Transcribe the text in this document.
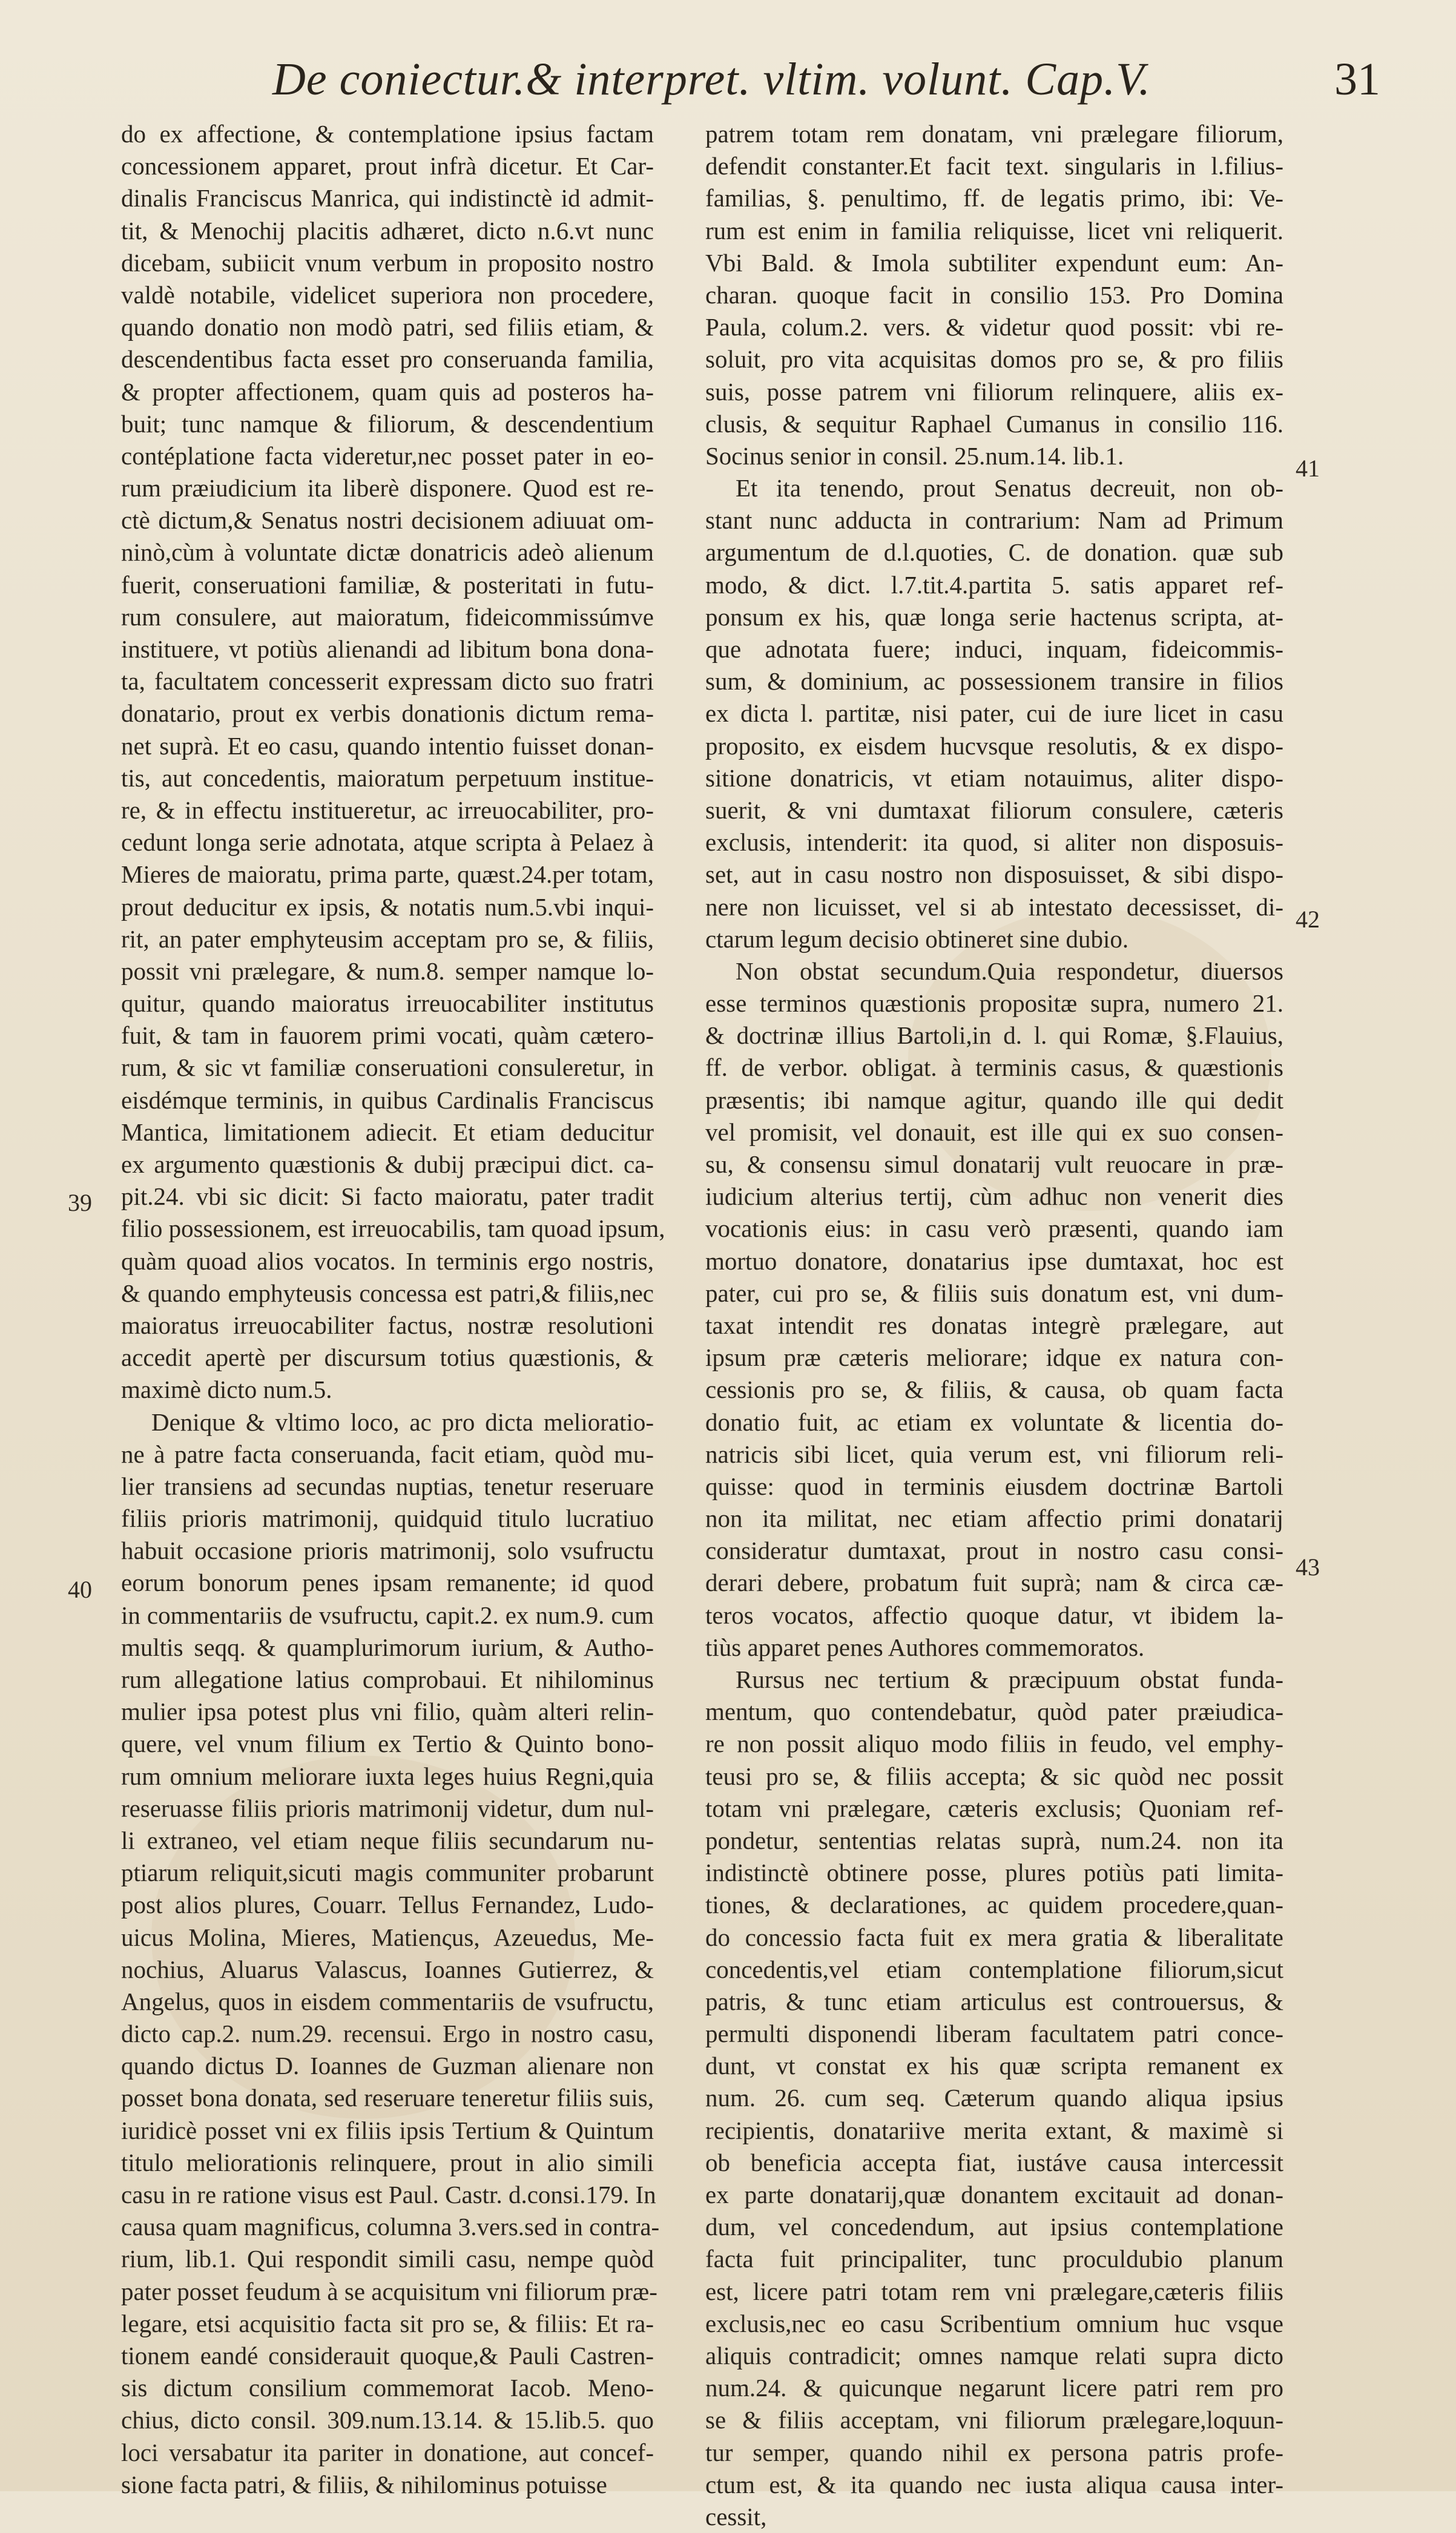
De coniectur.& interpret. vltim. volunt. Cap.V.	31
do ex affectione, & contemplatione ipsius factam
concessionem apparet, prout infrà dicetur. Et Car-
dinalis Franciscus Manrica, qui indistinctè id admit-
tit, & Menochij placitis adhæret, dicto n.6.vt nunc
dicebam, subiicit vnum verbum in proposito nostro
valdè notabile, videlicet superiora non procedere,
quando donatio non modò patri, sed filiis etiam, &
descendentibus facta esset pro conseruanda familia,
& propter affectionem, quam quis ad posteros ha-
buit; tunc namque & filiorum, & descendentium
contéplatione facta videretur,nec posset pater in eo-
rum præiudicium ita liberè disponere. Quod est re-
ctè dictum,& Senatus nostri decisionem adiuuat om-
ninò,cùm à voluntate dictæ donatricis adeò alienum
fuerit, conseruationi familiæ, & posteritati in futu-
rum consulere, aut maioratum, fideicommissúmve
instituere, vt potiùs alienandi ad libitum bona dona-
ta, facultatem concesserit expressam dicto suo fratri
donatario, prout ex verbis donationis dictum rema-
net suprà. Et eo casu, quando intentio fuisset donan-
tis, aut concedentis, maioratum perpetuum institue-
re, & in effectu institueretur, ac irreuocabiliter, pro-
cedunt longa serie adnotata, atque scripta à Pelaez à
Mieres de maioratu, prima parte, quæst.24.per totam,
prout deducitur ex ipsis, & notatis num.5.vbi inqui-
rit, an pater emphyteusim acceptam pro se, & filiis,
possit vni prælegare, & num.8. semper namque lo-
quitur, quando maioratus irreuocabiliter institutus
fuit, & tam in fauorem primi vocati, quàm cætero-
rum, & sic vt familiæ conseruationi consuleretur, in
eisdémque terminis, in quibus Cardinalis Franciscus
Mantica, limitationem adiecit. Et etiam deducitur
ex argumento quæstionis & dubij præcipui dict. ca-
pit.24. vbi sic dicit: Si facto maioratu, pater tradit
filio possessionem, est irreuocabilis, tam quoad ipsum,
quàm quoad alios vocatos. In terminis ergo nostris,
& quando emphyteusis concessa est patri,& filiis,nec
maioratus irreuocabiliter factus, nostræ resolutioni
accedit apertè per discursum totius quæstionis, &
maximè dicto num.5.
Denique & vltimo loco, ac pro dicta melioratio-
ne à patre facta conseruanda, facit etiam, quòd mu-
lier transiens ad secundas nuptias, tenetur reseruare
filiis prioris matrimonij, quidquid titulo lucratiuo
habuit occasione prioris matrimonij, solo vsufructu
eorum bonorum penes ipsam remanente; id quod
in commentariis de vsufructu, capit.2. ex num.9. cum
multis seqq. & quamplurimorum iurium, & Autho-
rum allegatione latius comprobaui. Et nihilominus
mulier ipsa potest plus vni filio, quàm alteri relin-
quere, vel vnum filium ex Tertio & Quinto bono-
rum omnium meliorare iuxta leges huius Regni,quia
reseruasse filiis prioris matrimonij videtur, dum nul-
li extraneo, vel etiam neque filiis secundarum nu-
ptiarum reliquit,sicuti magis communiter probarunt
post alios plures, Couarr. Tellus Fernandez, Ludo-
uicus Molina, Mieres, Matienςus, Azeuedus, Me-
nochius, Aluarus Valascus, Ioannes Gutierrez, &
Angelus, quos in eisdem commentariis de vsufructu,
dicto cap.2. num.29. recensui. Ergo in nostro casu,
quando dictus D. Ioannes de Guzman alienare non
posset bona donata, sed reseruare teneretur filiis suis,
iuridicè posset vni ex filiis ipsis Tertium & Quintum
titulo meliorationis relinquere, prout in alio simili
casu in re ratione visus est Paul. Castr. d.consi.179. In
causa quam magnificus, columna 3.vers.sed in contra-
rium, lib.1. Qui respondit simili casu, nempe quòd
pater posset feudum à se acquisitum vni filiorum præ-
legare, etsi acquisitio facta sit pro se, & filiis: Et ra-
tionem eandé considerauit quoque,& Pauli Castren-
sis dictum consilium commemorat Iacob. Meno-
chius, dicto consil. 309.num.13.14. & 15.lib.5. quo
loci versabatur ita pariter in donatione, aut concef-
sione facta patri, & filiis, & nihilominus potuisse
patrem totam rem donatam, vni prælegare filiorum,
defendit constanter.Et facit text. singularis in l.filius-
familias, §. penultimo, ff. de legatis primo, ibi: Ve-
rum est enim in familia reliquisse, licet vni reliquerit.
Vbi Bald. & Imola subtiliter expendunt eum: An-
charan. quoque facit in consilio 153. Pro Domina
Paula, colum.2. vers. & videtur quod possit: vbi re-
soluit, pro vita acquisitas domos pro se, & pro filiis
suis, posse patrem vni filiorum relinquere, aliis ex-
clusis, & sequitur Raphael Cumanus in consilio 116.
Socinus senior in consil. 25.num.14. lib.1.
Et ita tenendo, prout Senatus decreuit, non ob-
stant nunc adducta in contrarium: Nam ad Primum
argumentum de d.l.quoties, C. de donation. quæ sub
modo, & dict. l.7.tit.4.partita 5. satis apparet ref-
ponsum ex his, quæ longa serie hactenus scripta, at-
que adnotata fuere; induci, inquam, fideicommis-
sum, & dominium, ac possessionem transire in filios
ex dicta l. partitæ, nisi pater, cui de iure licet in casu
proposito, ex eisdem hucvsque resolutis, & ex dispo-
sitione donatricis, vt etiam notauimus, aliter dispo-
suerit, & vni dumtaxat filiorum consulere, cæteris
exclusis, intenderit: ita quod, si aliter non disposuis-
set, aut in casu nostro non disposuisset, & sibi dispo-
nere non licuisset, vel si ab intestato decessisset, di-
ctarum legum decisio obtineret sine dubio.
Non obstat secundum.Quia respondetur, diuersos
esse terminos quæstionis propositæ supra, numero 21.
& doctrinæ illius Bartoli,in d. l. qui Romæ, §.Flauius,
ff. de verbor. obligat. à terminis casus, & quæstionis
præsentis; ibi namque agitur, quando ille qui dedit
vel promisit, vel donauit, est ille qui ex suo consen-
su, & consensu simul donatarij vult reuocare in præ-
iudicium alterius tertij, cùm adhuc non venerit dies
vocationis eius: in casu verò præsenti, quando iam
mortuo donatore, donatarius ipse dumtaxat, hoc est
pater, cui pro se, & filiis suis donatum est, vni dum-
taxat intendit res donatas integrè prælegare, aut
ipsum præ cæteris meliorare; idque ex natura con-
cessionis pro se, & filiis, & causa, ob quam facta
donatio fuit, ac etiam ex voluntate & licentia do-
natricis sibi licet, quia verum est, vni filiorum reli-
quisse: quod in terminis eiusdem doctrinæ Bartoli
non ita militat, nec etiam affectio primi donatarij
consideratur dumtaxat, prout in nostro casu consi-
derari debere, probatum fuit suprà; nam & circa cæ-
teros vocatos, affectio quoque datur, vt ibidem la-
tiùs apparet penes Authores commemoratos.
Rursus nec tertium & præcipuum obstat funda-
mentum, quo contendebatur, quòd pater præiudica-
re non possit aliquo modo filiis in feudo, vel emphy-
teusi pro se, & filiis accepta; & sic quòd nec possit
totam vni prælegare, cæteris exclusis; Quoniam ref-
pondetur, sententias relatas suprà, num.24. non ita
indistinctè obtinere posse, plures potiùs pati limita-
tiones, & declarationes, ac quidem procedere,quan-
do concessio facta fuit ex mera gratia & liberalitate
concedentis,vel etiam contemplatione filiorum,sicut
patris, & tunc etiam articulus est controuersus, &
permulti disponendi liberam facultatem patri conce-
dunt, vt constat ex his quæ scripta remanent ex
num. 26. cum seq. Cæterum quando aliqua ipsius
recipientis, donatariive merita extant, & maximè si
ob beneficia accepta fiat, iustáve causa intercessit
ex parte donatarij,quæ donantem excitauit ad donan-
dum, vel concedendum, aut ipsius contemplatione
facta fuit principaliter, tunc proculdubio planum
est, licere patri totam rem vni prælegare,cæteris filiis
exclusis,nec eo casu Scribentium omnium huc vsque
aliquis contradicit; omnes namque relati supra dicto
num.24. & quicunque negarunt licere patri rem pro
se & filiis acceptam, vni filiorum prælegare,loquun-
tur semper, quando nihil ex persona patris profe-
ctum est, & ita quando nec iusta aliqua causa inter-
cessit,
39
40
41
42
43
